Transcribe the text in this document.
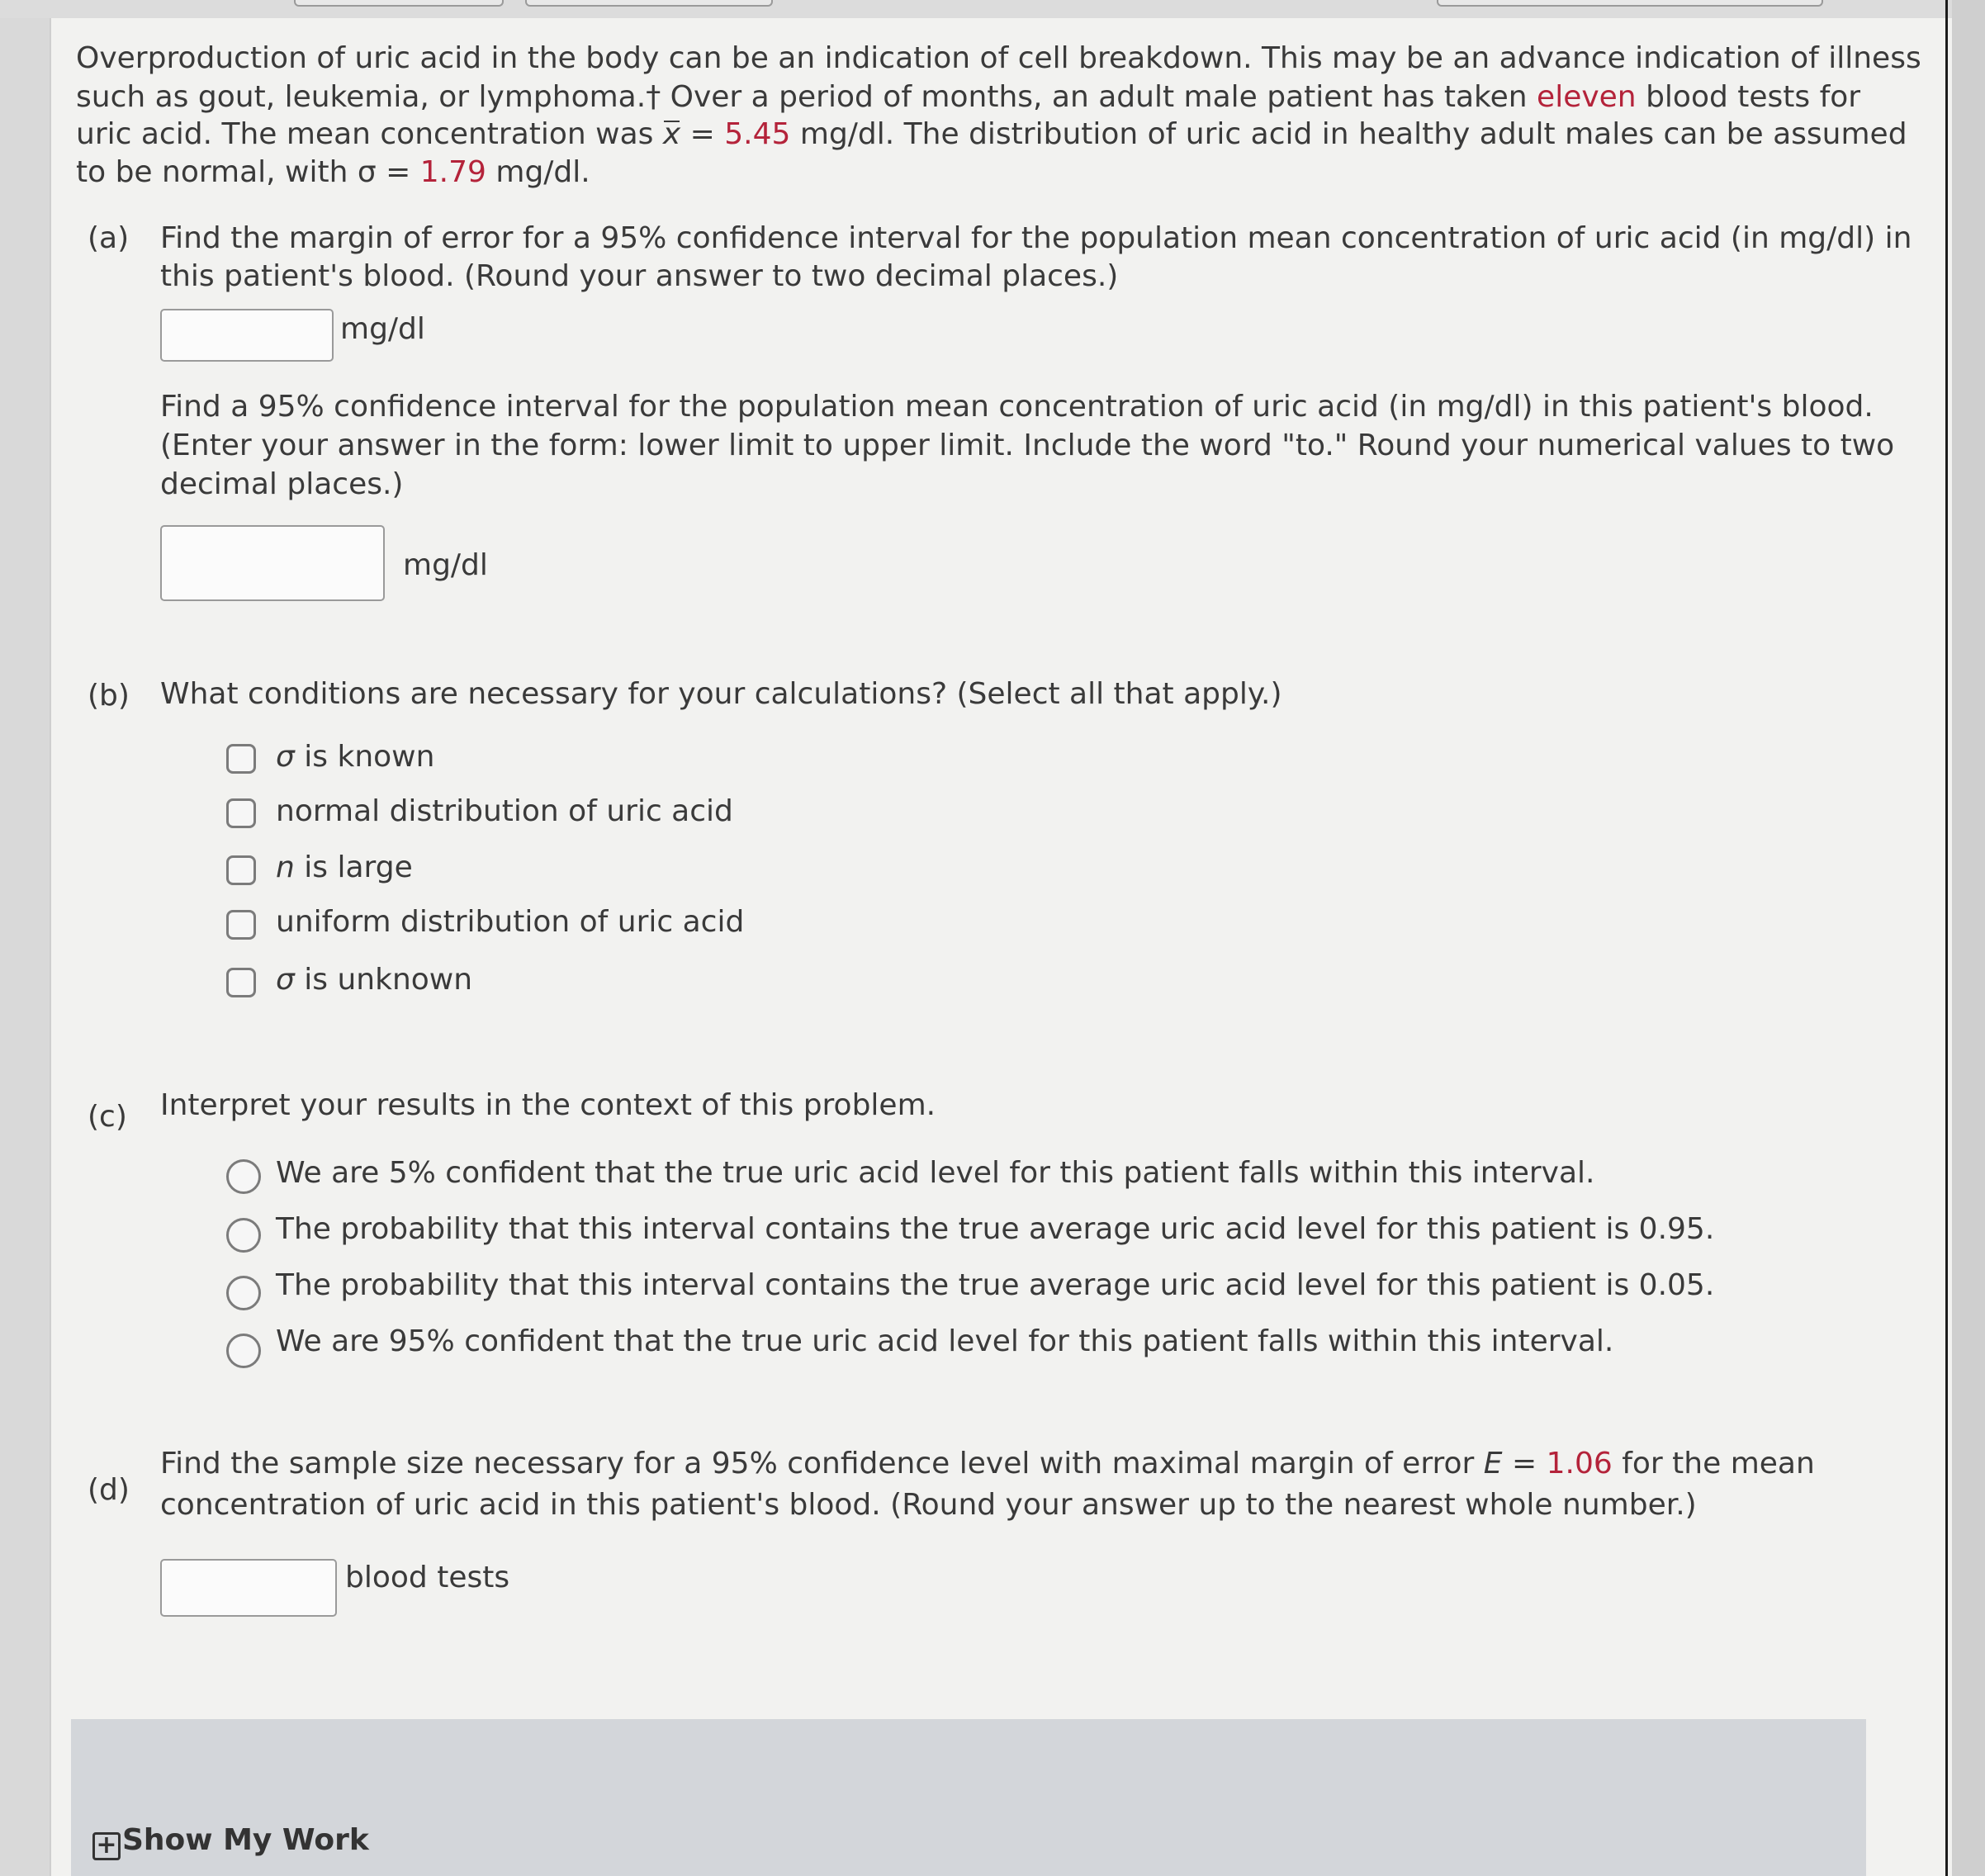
Overproduction of uric acid in the body can be an indication of cell breakdown. This may be an advance indication of illness
such as gout, leukemia, or lymphoma.† Over a period of months, an adult male patient has taken eleven blood tests for
uric acid. The mean concentration was x = 5.45 mg/dl. The distribution of uric acid in healthy adult males can be assumed
to be normal, with σ = 1.79 mg/dl.
(a) Find the margin of error for a 95% confidence interval for the population mean concentration of uric acid (in mg/dl) in
this patient's blood. (Round your answer to two decimal places.)
mg/dl
Find a 95% confidence interval for the population mean concentration of uric acid (in mg/dl) in this patient's blood.
(Enter your answer in the form: lower limit to upper limit. Include the word "to." Round your numerical values to two
decimal places.)
mg/dl
(b) What conditions are necessary for your calculations? (Select all that apply.)
σ is known
normal distribution of uric acid
n is large
uniform distribution of uric acid
σ is unknown
(c) Interpret your results in the context of this problem.
We are 5% confident that the true uric acid level for this patient falls within this interval.
The probability that this interval contains the true average uric acid level for this patient is 0.95.
The probability that this interval contains the true average uric acid level for this patient is 0.05.
We are 95% confident that the true uric acid level for this patient falls within this interval.
(d)
Find the sample size necessary for a 95% confidence level with maximal margin of error E = 1.06 for the mean
concentration of uric acid in this patient's blood. (Round your answer up to the nearest whole number.)
blood tests
+ Show My Work
